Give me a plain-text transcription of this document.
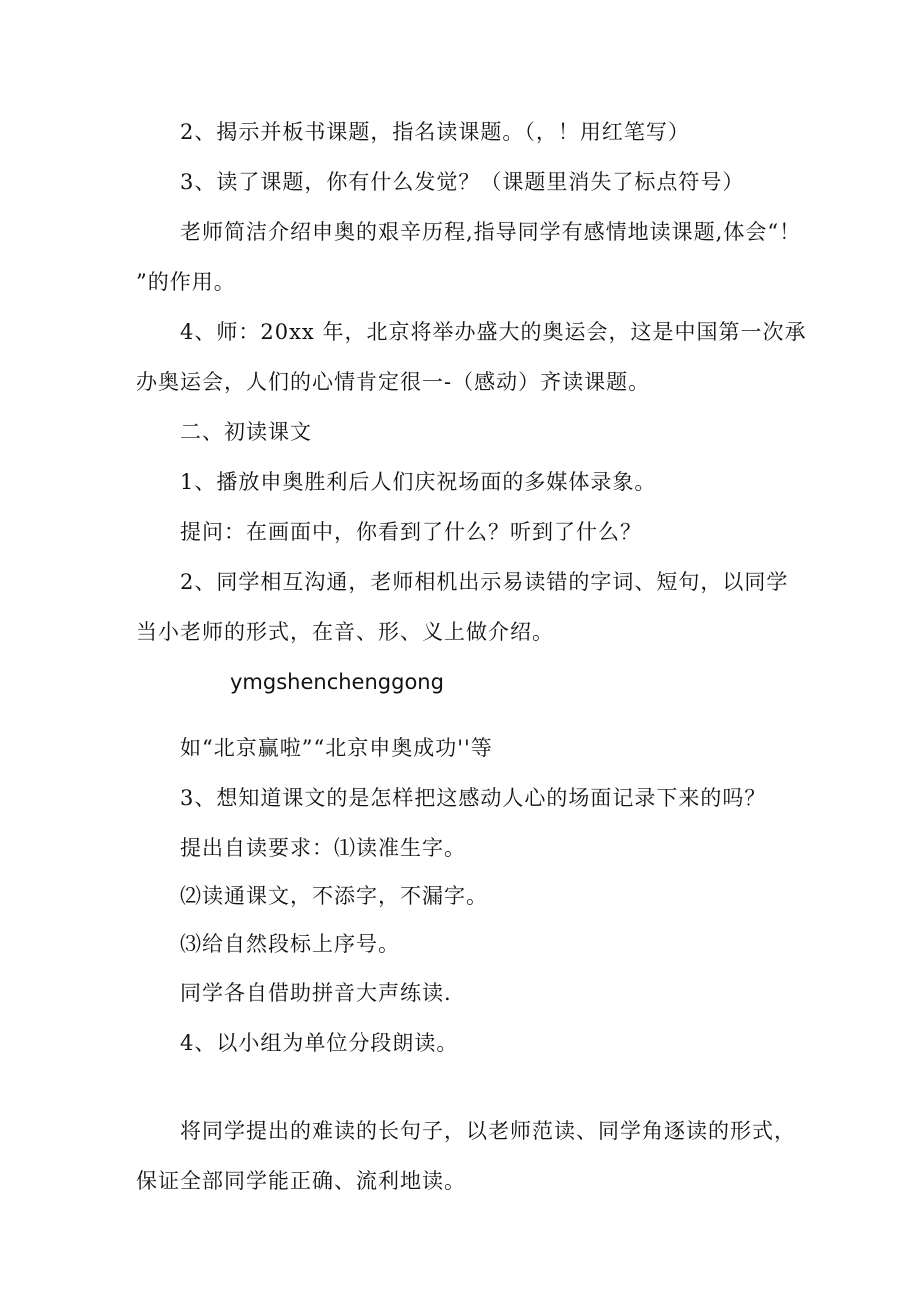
2、揭示并板书课题，指名读课题。（，！用红笔写）
3、读了课题，你有什么发觉？（课题里消失了标点符号）
老师简洁介绍申奥的艰辛历程,指导同学有感情地读课题,体会“！
”的作用。
4、师：20xx 年，北京将举办盛大的奥运会，这是中国第一次承
办奥运会，人们的心情肯定很一-（感动）齐读课题。
二、初读课文
1、播放申奥胜利后人们庆祝场面的多媒体录象。
提问：在画面中，你看到了什么？听到了什么？
2、同学相互沟通，老师相机出示易读错的字词、短句，以同学
当小老师的形式，在音、形、义上做介绍。
ymgshenchenggong
如“北京赢啦”“北京申奥成功''等
3、想知道课文的是怎样把这感动人心的场面记录下来的吗？
提出自读要求：⑴读准生字。
⑵读通课文，不添字，不漏字。
⑶给自然段标上序号。
同学各自借助拼音大声练读.
4、以小组为单位分段朗读。
将同学提出的难读的长句子，以老师范读、同学角逐读的形式，
保证全部同学能正确、流利地读。
